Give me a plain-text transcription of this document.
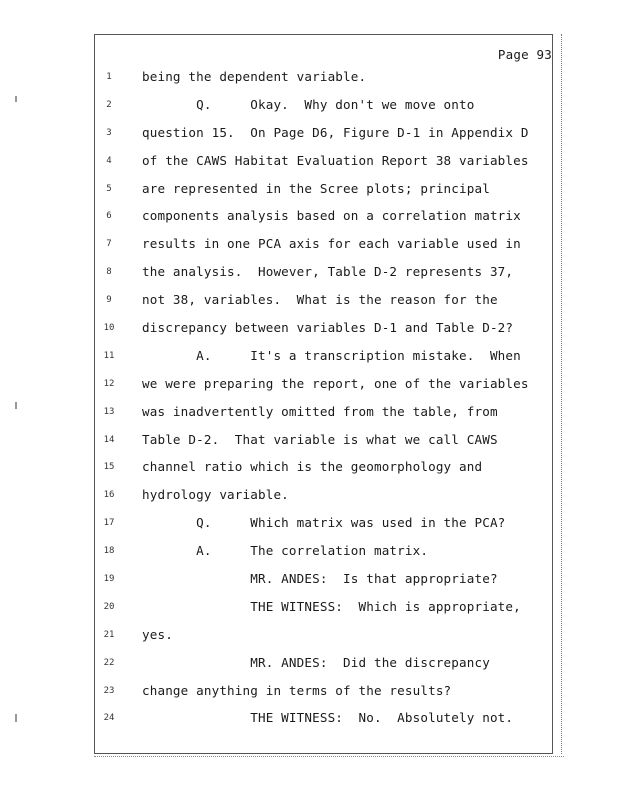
Page 93
1	being the dependent variable.
2	Q.     Okay.  Why don't we move onto
3	question 15.  On Page D6, Figure D-1 in Appendix D
4	of the CAWS Habitat Evaluation Report 38 variables
5	are represented in the Scree plots; principal
6	components analysis based on a correlation matrix
7	results in one PCA axis for each variable used in
8	the analysis.  However, Table D-2 represents 37,
9	not 38, variables.  What is the reason for the
10	discrepancy between variables D-1 and Table D-2?
11	A.     It's a transcription mistake.  When
12	we were preparing the report, one of the variables
13	was inadvertently omitted from the table, from
14	Table D-2.  That variable is what we call CAWS
15	channel ratio which is the geomorphology and
16	hydrology variable.
17	Q.     Which matrix was used in the PCA?
18	A.     The correlation matrix.
19	MR. ANDES:  Is that appropriate?
20	THE WITNESS:  Which is appropriate,
21	yes.
22	MR. ANDES:  Did the discrepancy
23	change anything in terms of the results?
24	THE WITNESS:  No.  Absolutely not.
